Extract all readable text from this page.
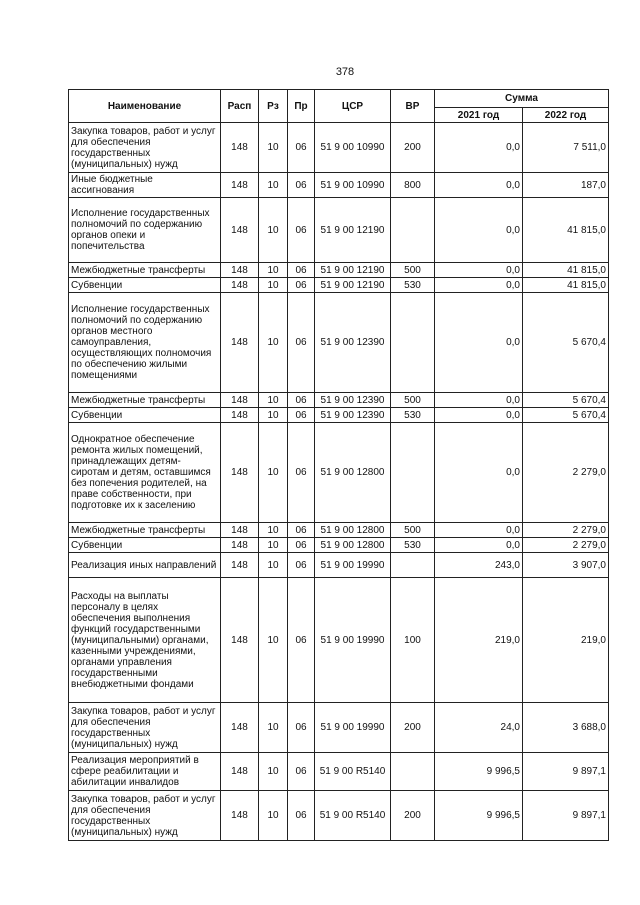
378
Наименование	Расп	Рз	Пр	ЦСР	ВР	Сумма	
						2021 год	2022 год
Закупка товаров, работ и услуг для обеспечения государственных (муниципальных) нужд	148	10	06	51 9 00 10990	200	0,0	7 511,0
Иные бюджетные ассигнования	148	10	06	51 9 00 10990	800	0,0	187,0
Исполнение государственных полномочий по содержанию органов опеки и попечительства	148	10	06	51 9 00 12190		0,0	41 815,0
Межбюджетные трансферты	148	10	06	51 9 00 12190	500	0,0	41 815,0
Субвенции	148	10	06	51 9 00 12190	530	0,0	41 815,0
Исполнение государственных полномочий по содержанию органов местного самоуправления, осуществляющих полномочия по обеспечению жилыми помещениями	148	10	06	51 9 00 12390		0,0	5 670,4
Межбюджетные трансферты	148	10	06	51 9 00 12390	500	0,0	5 670,4
Субвенции	148	10	06	51 9 00 12390	530	0,0	5 670,4
Однократное обеспечение ремонта жилых помещений, принадлежащих детям-сиротам и детям, оставшимся без попечения родителей, на праве собственности, при подготовке их к заселению	148	10	06	51 9 00 12800		0,0	2 279,0
Межбюджетные трансферты	148	10	06	51 9 00 12800	500	0,0	2 279,0
Субвенции	148	10	06	51 9 00 12800	530	0,0	2 279,0
Реализация иных направлений	148	10	06	51 9 00 19990		243,0	3 907,0
Расходы на выплаты персоналу в целях обеспечения выполнения функций государственными (муниципальными) органами, казенными учреждениями, органами управления государственными внебюджетными фондами	148	10	06	51 9 00 19990	100	219,0	219,0
Закупка товаров, работ и услуг для обеспечения государственных (муниципальных) нужд	148	10	06	51 9 00 19990	200	24,0	3 688,0
Реализация мероприятий в сфере реабилитации и абилитации инвалидов	148	10	06	51 9 00 R5140		9 996,5	9 897,1
Закупка товаров, работ и услуг для обеспечения государственных (муниципальных) нужд	148	10	06	51 9 00 R5140	200	9 996,5	9 897,1
